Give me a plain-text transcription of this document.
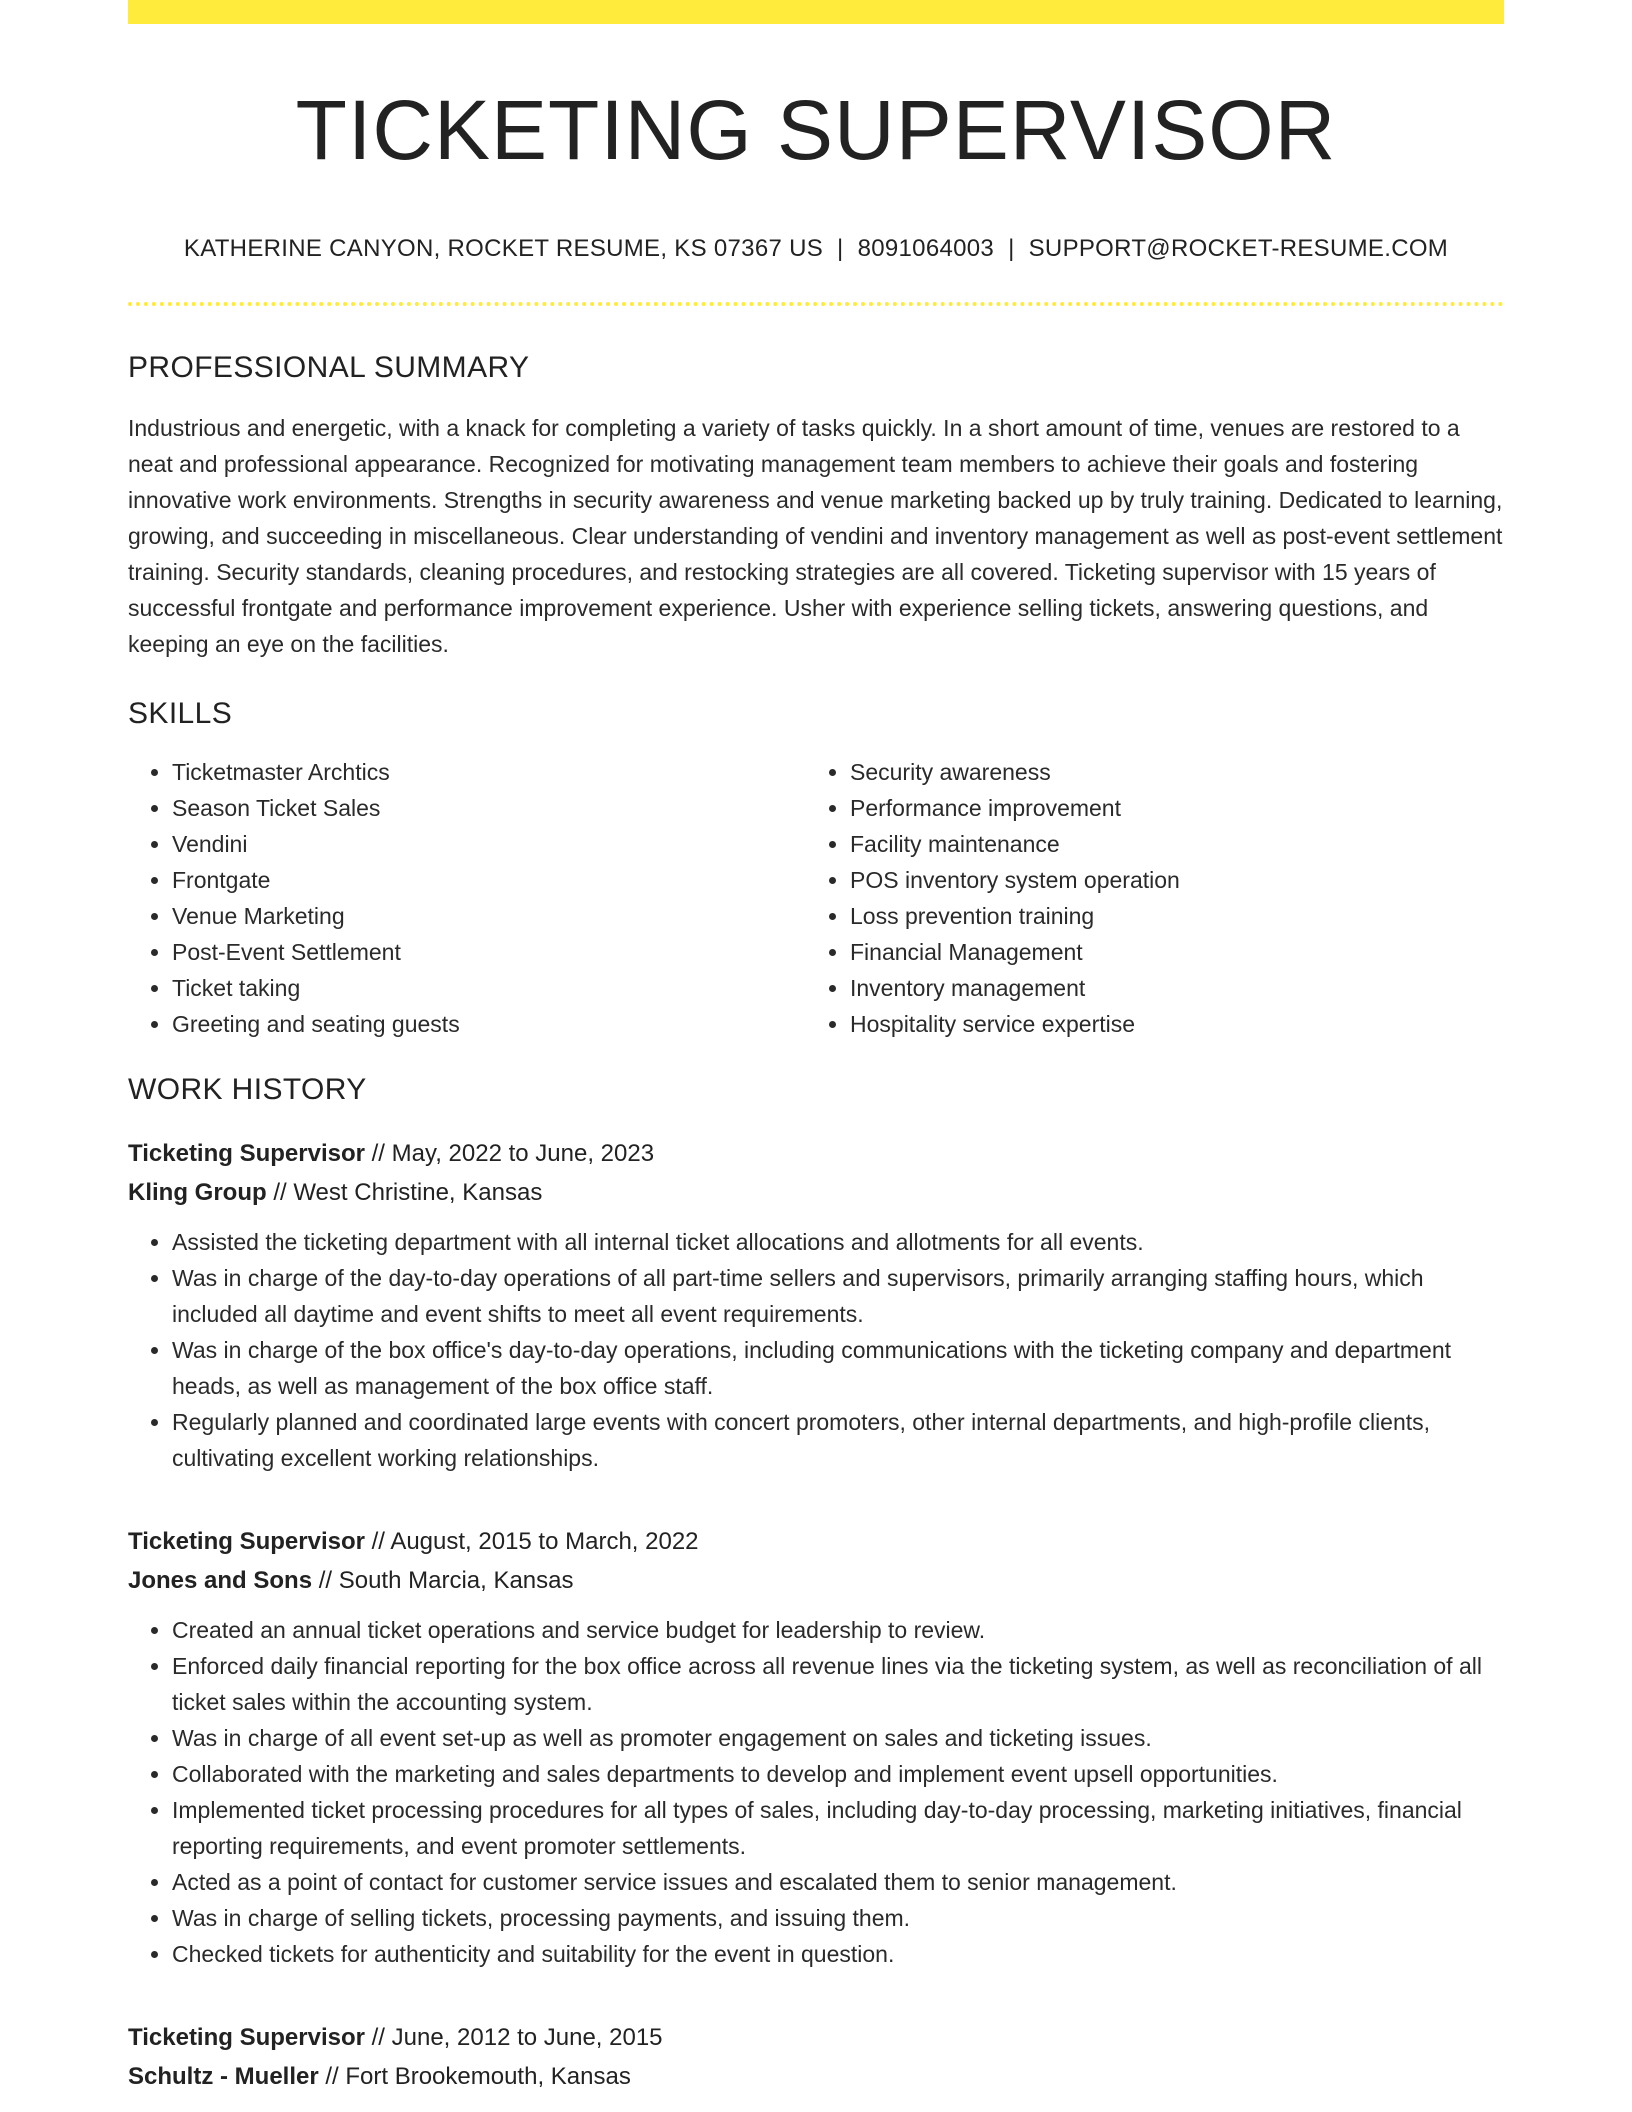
TICKETING SUPERVISOR
KATHERINE CANYON, ROCKET RESUME, KS 07367 US | 8091064003 | SUPPORT@ROCKET-RESUME.COM
PROFESSIONAL SUMMARY

Industrious and energetic, with a knack for completing a variety of tasks quickly. In a short amount of time, venues are restored to a neat and professional appearance. Recognized for motivating management team members to achieve their goals and fostering innovative work environments. Strengths in security awareness and venue marketing backed up by truly training. Dedicated to learning, growing, and succeeding in miscellaneous. Clear understanding of vendini and inventory management as well as post-event settlement training. Security standards, cleaning procedures, and restocking strategies are all covered. Ticketing supervisor with 15 years of successful frontgate and performance improvement experience. Usher with experience selling tickets, answering questions, and keeping an eye on the facilities.

SKILLS
• Ticketmaster Archtics
• Season Ticket Sales
• Vendini
• Frontgate
• Venue Marketing
• Post-Event Settlement
• Ticket taking
• Greeting and seating guests
• Security awareness
• Performance improvement
• Facility maintenance
• POS inventory system operation
• Loss prevention training
• Financial Management
• Inventory management
• Hospitality service expertise
WORK HISTORY
Ticketing Supervisor // May, 2022 to June, 2023
Kling Group // West Christine, Kansas
• Assisted the ticketing department with all internal ticket allocations and allotments for all events.
• Was in charge of the day-to-day operations of all part-time sellers and supervisors, primarily arranging staffing hours, which included all daytime and event shifts to meet all event requirements.
• Was in charge of the box office's day-to-day operations, including communications with the ticketing company and department heads, as well as management of the box office staff.
• Regularly planned and coordinated large events with concert promoters, other internal departments, and high-profile clients, cultivating excellent working relationships.
Ticketing Supervisor // August, 2015 to March, 2022
Jones and Sons // South Marcia, Kansas
• Created an annual ticket operations and service budget for leadership to review.
• Enforced daily financial reporting for the box office across all revenue lines via the ticketing system, as well as reconciliation of all ticket sales within the accounting system.
• Was in charge of all event set-up as well as promoter engagement on sales and ticketing issues.
• Collaborated with the marketing and sales departments to develop and implement event upsell opportunities.
• Implemented ticket processing procedures for all types of sales, including day-to-day processing, marketing initiatives, financial reporting requirements, and event promoter settlements.
• Acted as a point of contact for customer service issues and escalated them to senior management.
• Was in charge of selling tickets, processing payments, and issuing them.
• Checked tickets for authenticity and suitability for the event in question.
Ticketing Supervisor // June, 2012 to June, 2015
Schultz - Mueller // Fort Brookemouth, Kansas
